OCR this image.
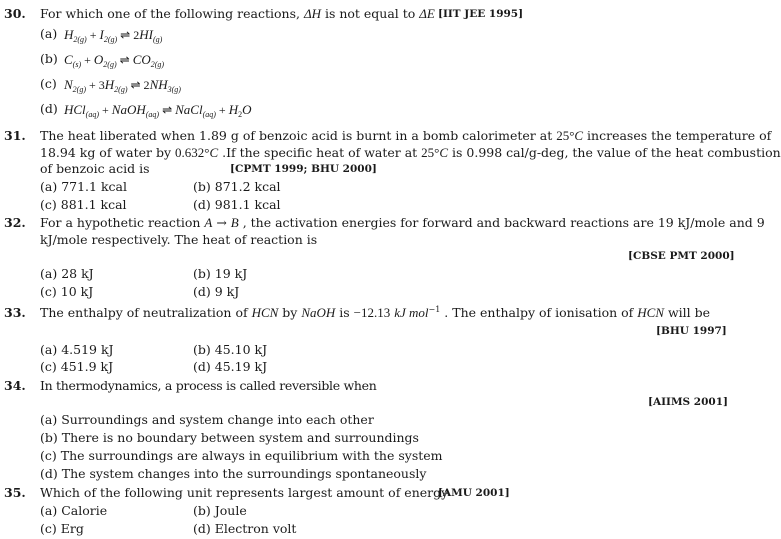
30. For which one of the following reactions, ΔH is not equal to ΔE [IIT JEE 1995]
(a) $H_{2(g)} + I_{2(g)}$ ⇌ $2HI_{(g)}$
(b) $C_{(s)} + O_{2(g)}$ ⇌ $CO_{2(g)}$
(c) $N_{2(g)} + 3H_{2(g)}$ ⇌ $2NH_{3(g)}$
(d) HCl$_{(aq)}$ + NaOH$_{(aq)}$ ⇌ NaCl$_{(aq)}$ + $H_2O$
31. The heat liberated when 1.89 g of benzoic acid is burnt in a bomb calorimeter at 25°C increases the temperature of
18.94 kg of water by 0.632°C .If the specific heat of water at 25°C is 0.998 cal/g-deg, the value of the heat combustion
of benzoic acid is	[CPMT 1999; BHU 2000]
(a) 771.1 kcal	(b) 871.2 kcal
(c) 881.1 kcal	(d) 981.1 kcal
32. For a hypothetic reaction A → B , the activation energies for forward and backward reactions are 19 kJ/mole and 9
kJ/mole respectively. The heat of reaction is
[CBSE PMT 2000]
(a) 28 kJ	(b) 19 kJ
(c) 10 kJ	(d) 9 kJ
33. The enthalpy of neutralization of HCN by NaOH is −12.13 kJ mol$^{-1}$ . The enthalpy of ionisation of HCN will be
[BHU 1997]
(a) 4.519 kJ	(b) 45.10 kJ
(c) 451.9 kJ	(d) 45.19 kJ
34. In thermodynamics, a process is called reversible when
[AIIMS 2001]
(a) Surroundings and system change into each other
(b) There is no boundary between system and surroundings
(c) The surroundings are always in equilibrium with the system
(d) The system changes into the surroundings spontaneously
35. Which of the following unit represents largest amount of energy
[AMU 2001]
(a) Calorie	(b) Joule
(c) Erg	(d) Electron volt
